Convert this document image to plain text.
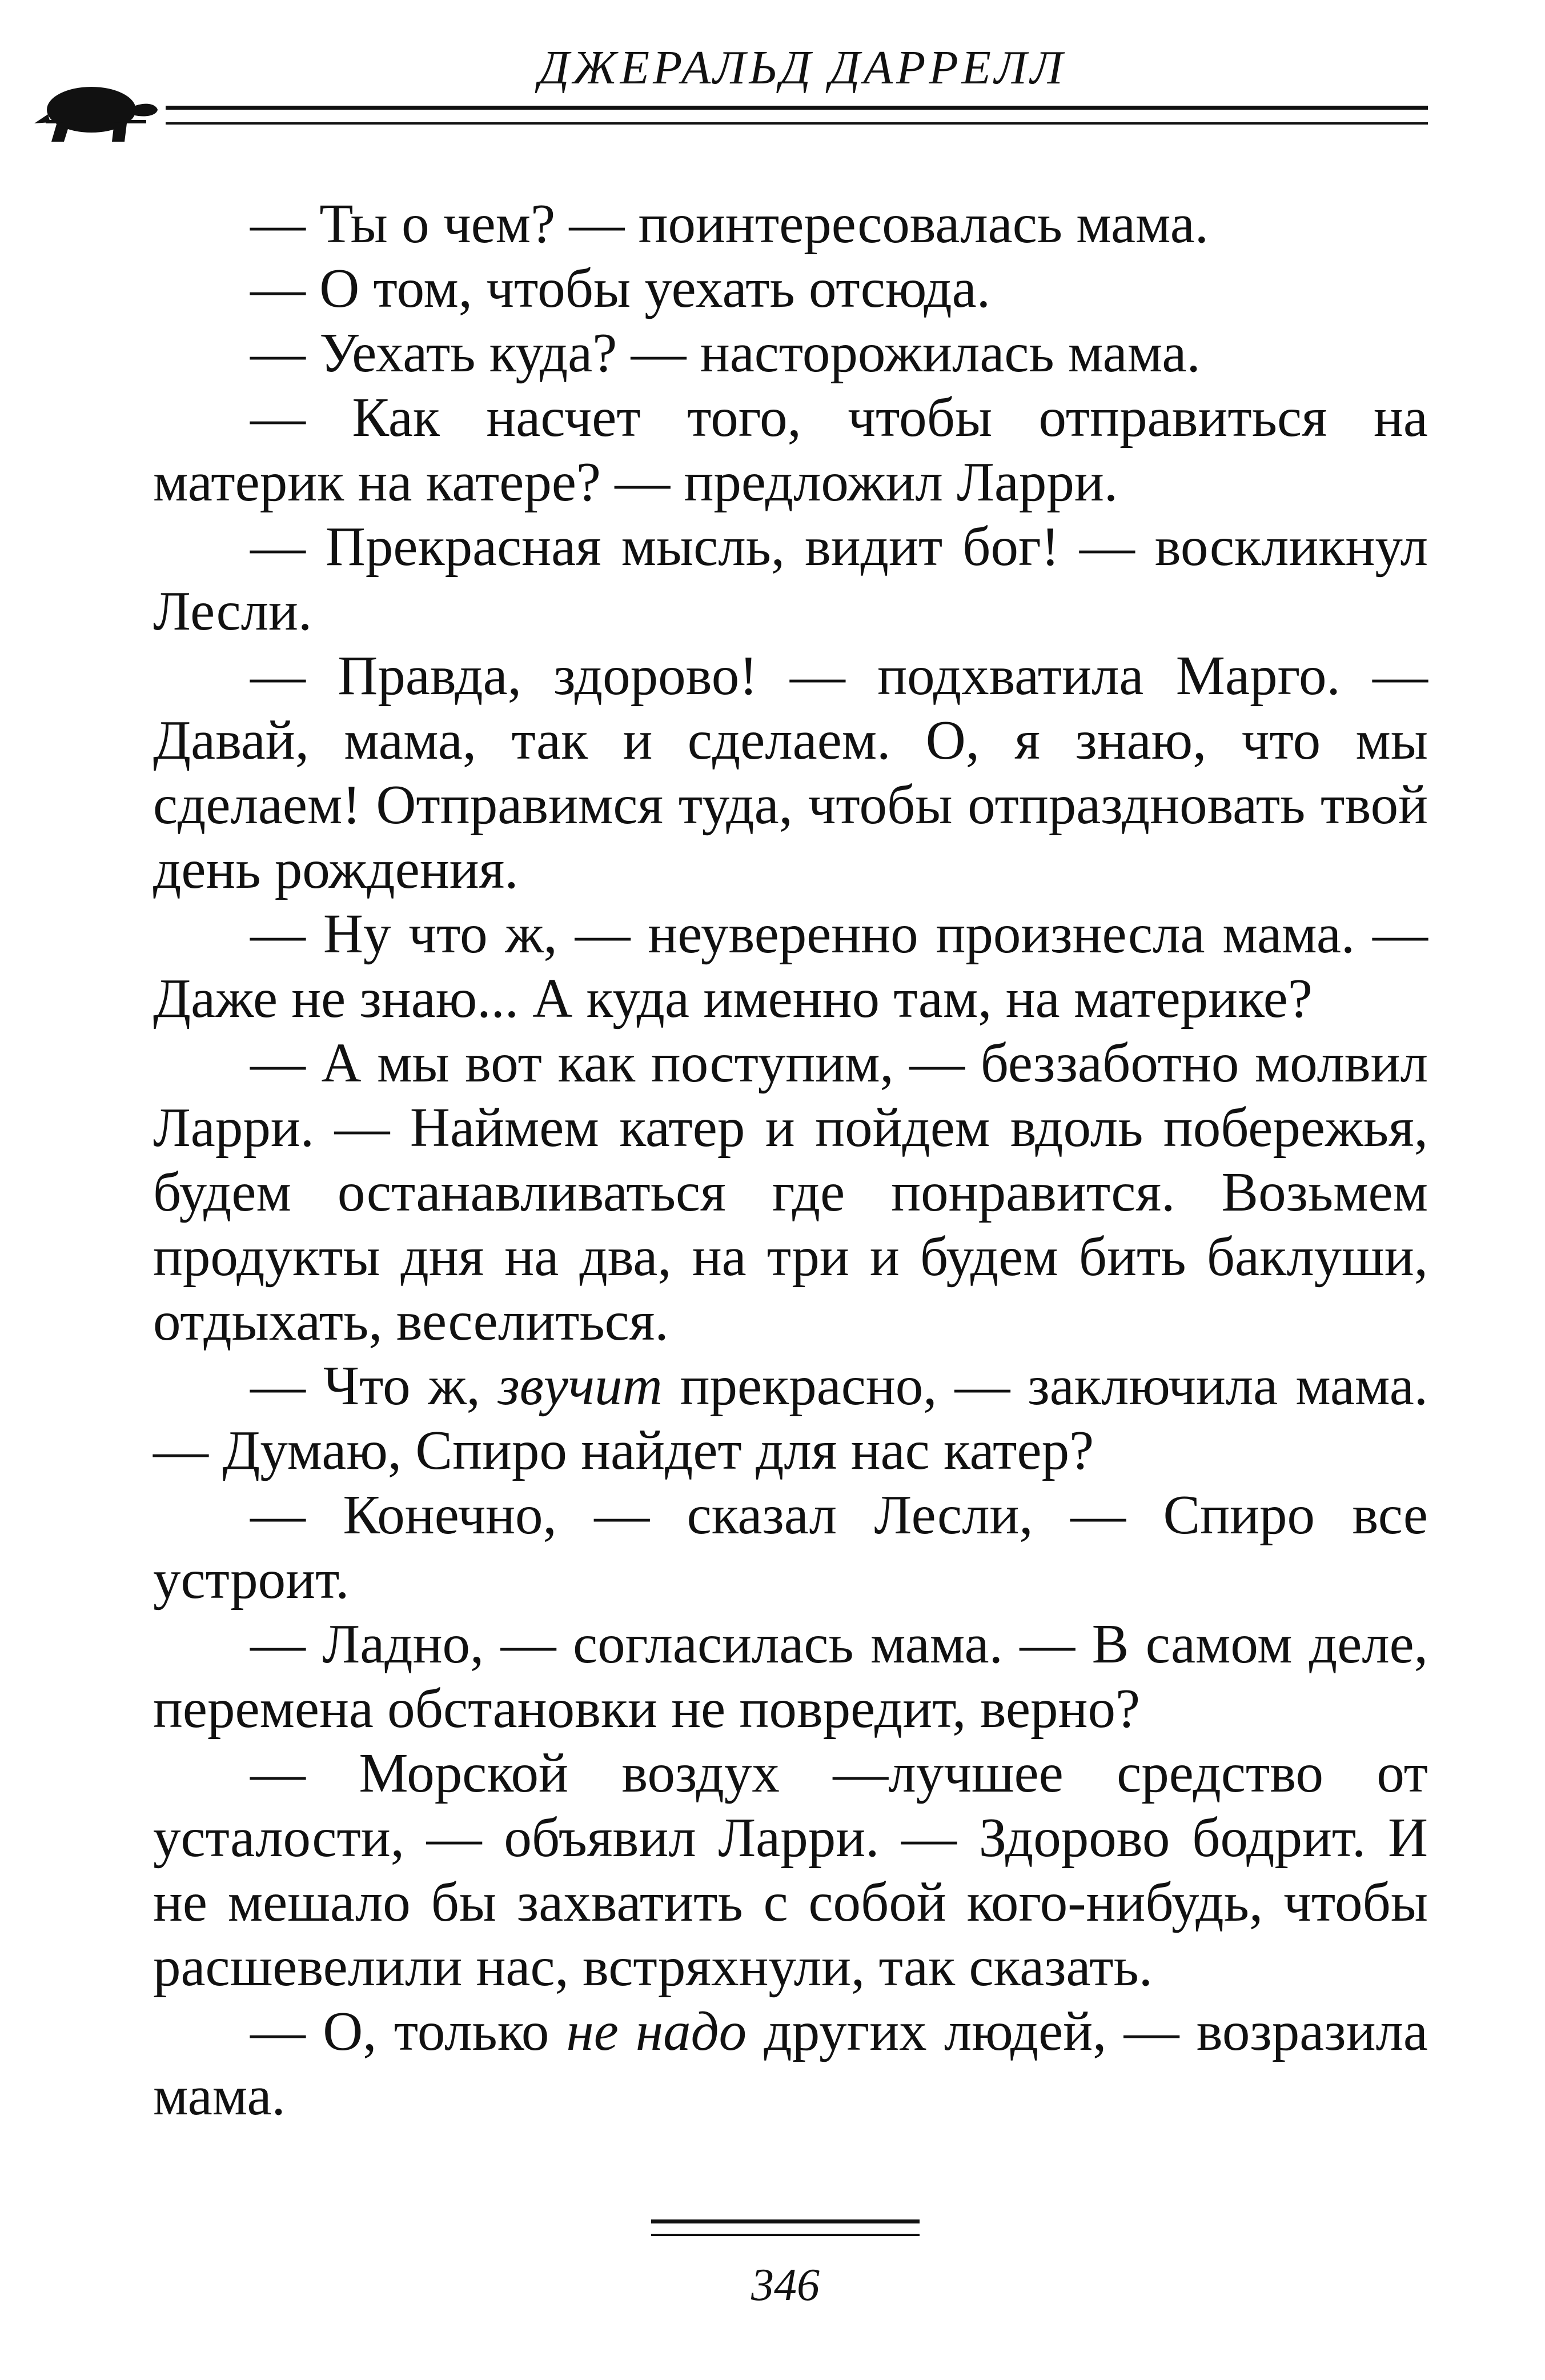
ДЖЕРАЛЬД ДАРРЕЛЛ

— Ты о чем? — поинтересовалась мама.

— О том, чтобы уехать отсюда.

— Уехать куда? — насторожилась мама.

— Как насчет того, чтобы отправиться на материк на катере? — предложил Ларри.

— Прекрасная мысль, видит бог! — воскликнул Лесли.

— Правда, здорово! — подхватила Марго. —Давай, мама, так и сделаем. О, я знаю, что мы сделаем! Отправимся туда, чтобы отпраздновать твой день рождения.

— Ну что ж, — неуверенно произнесла мама. — Даже не знаю... А куда именно там, на материке?

— А мы вот как поступим, — беззаботно молвил Ларри. — Наймем катер и пойдем вдоль побережья, будем останавливаться где понравится. Возьмем продукты дня на два, на три и будем бить баклуши, отдыхать, веселиться.

— Что ж, звучит прекрасно, — заключила мама. — Думаю, Спиро найдет для нас катер?

— Конечно, — сказал Лесли, — Спиро все устроит.

— Ладно, — согласилась мама. — В самом деле, перемена обстановки не повредит, верно?

— Морской воздух —лучшее средство от усталости, — объявил Ларри. — Здорово бодрит. И не мешало бы захватить с собой кого-нибудь, чтобы расшевелили нас, встряхнули, так сказать.

— О, только не надо других людей, — возразила мама.

346
